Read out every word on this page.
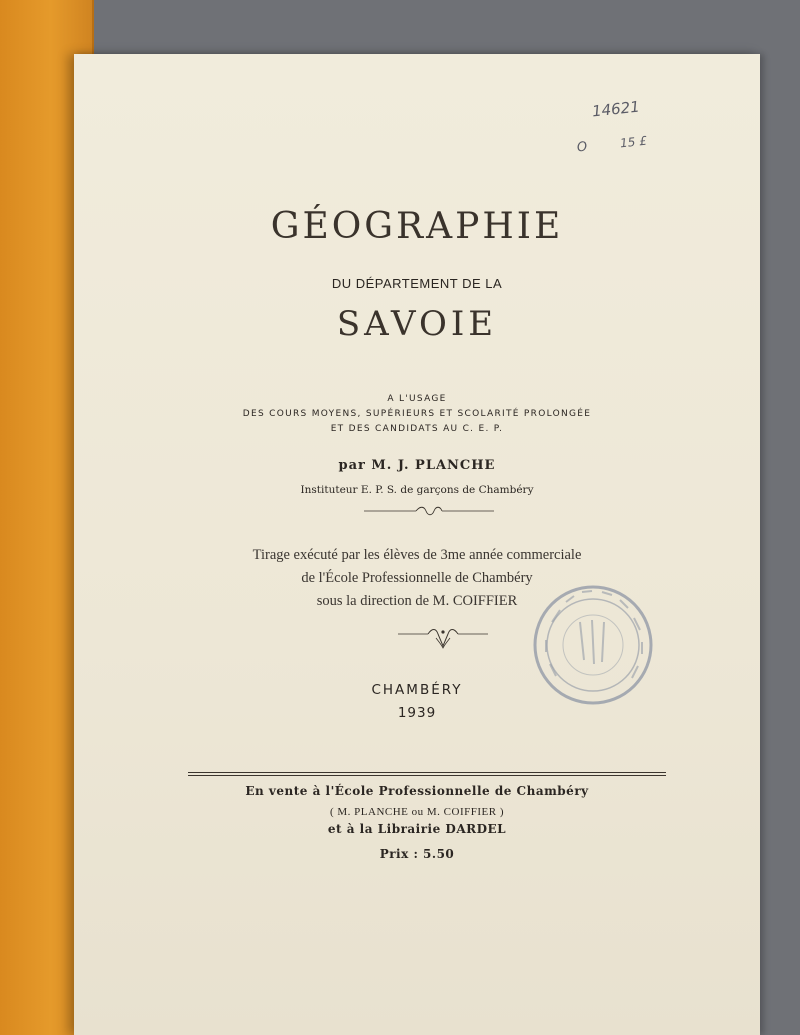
14621
O	15 £
GÉOGRAPHIE
DU DÉPARTEMENT DE LA
SAVOIE
A L'USAGE
DES COURS MOYENS, SUPÉRIEURS ET SCOLARITÉ PROLONGÉE
ET DES CANDIDATS AU C. E. P.
par M. J. PLANCHE
Instituteur E. P. S. de garçons de Chambéry
Tirage exécuté par les élèves de 3me année commerciale
de l'École Professionnelle de Chambéry
sous la direction de M. COIFFIER
CHAMBÉRY
1939
En vente à l'École Professionnelle de Chambéry
( M. PLANCHE ou M. COIFFIER )
et à la Librairie DARDEL
Prix : 5.50
